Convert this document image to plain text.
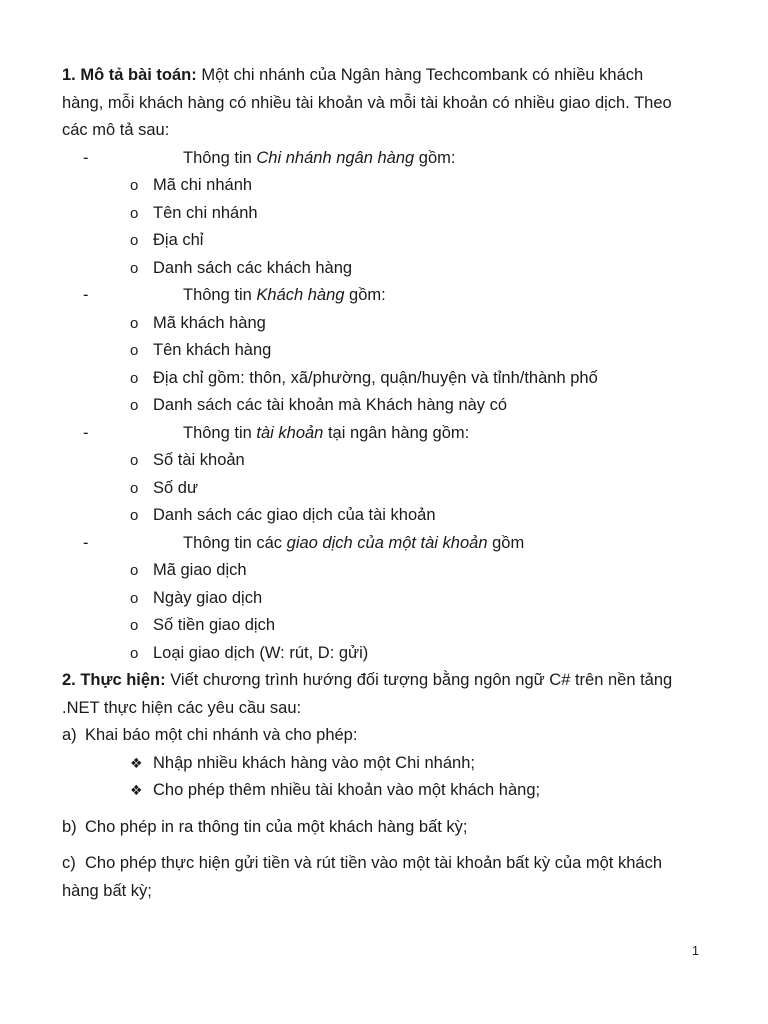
1. Mô tả bài toán: Một chi nhánh của Ngân hàng Techcombank có nhiều khách
hàng, mỗi khách hàng có nhiều tài khoản và mỗi tài khoản có nhiều giao dịch. Theo
các mô tả sau:
-	Thông tin Chi nhánh ngân hàng gồm:
o Mã chi nhánh
o Tên chi nhánh
o Địa chỉ
o Danh sách các khách hàng
-	Thông tin Khách hàng gồm:
o Mã khách hàng
o Tên khách hàng
o Địa chỉ gồm: thôn, xã/phường, quận/huyện và tỉnh/thành phố
o Danh sách các tài khoản mà Khách hàng này có
-	Thông tin tài khoản tại ngân hàng gồm:
o Số tài khoản
o Số dư
o Danh sách các giao dịch của tài khoản
-	Thông tin các giao dịch của một tài khoản gồm
o Mã giao dịch
o Ngày giao dịch
o Số tiền giao dịch
o Loại giao dịch (W: rút, D: gửi)
2. Thực hiện: Viết chương trình hướng đối tượng bằng ngôn ngữ C# trên nền tảng
.NET thực hiện các yêu cầu sau:
a) Khai báo một chi nhánh và cho phép:
❖ Nhập nhiều khách hàng vào một Chi nhánh;
❖ Cho phép thêm nhiều tài khoản vào một khách hàng;
b) Cho phép in ra thông tin của một khách hàng bất kỳ;
c) Cho phép thực hiện gửi tiền và rút tiền vào một tài khoản bất kỳ của một khách
hàng bất kỳ;
1
